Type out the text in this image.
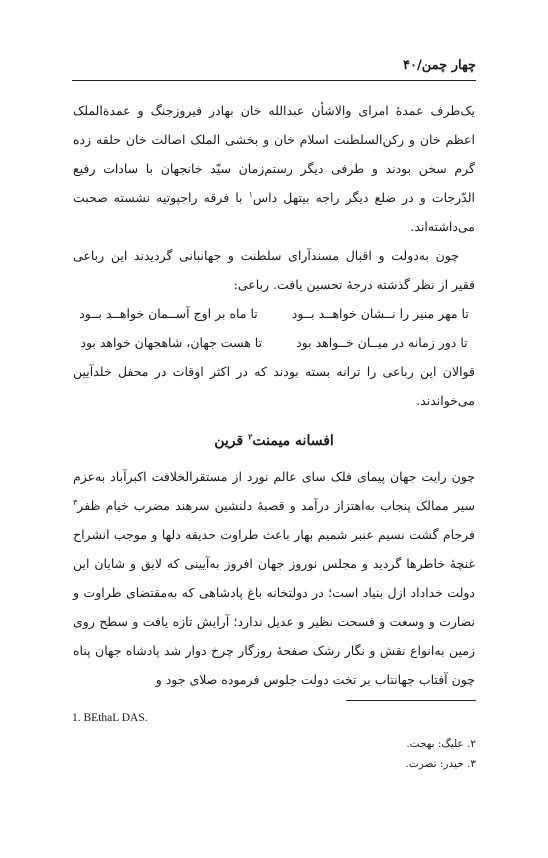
چهار چمن/۴۰

یک‌طرف عمدهٔ امرای والاشأن عبدالله خان بهادر فیروزجنگ و عمدةالملک اعظم خان و رکن‌السلطنت اسلام خان و بخشی الملک اصالت خان حلقه زده گرم سخن بودند و طرفی دیگر رستم‌زمان سیّد خانجهان با سادات رفیع الدّرجات و در ضلع دیگر راجه بیتهل داس$^۱$ با فرقه راجپوتیه نشسته صحبت می‌داشته‌اند.

چون به‌دولت و اقبال مسندآرای سلطنت و جهانبانی گردیدند این رباعی فقیر از نظر گذشته درجهٔ تحسین یافت. رباعی:

تا مهر منیر را نــشان خواهــد بــود
تا ماه بر اوج آســمان خواهــد بــود
تا دور زمانه در میــان خــواهد بود
تا هست جهان، شاهجهان خواهد بود

قوالان این رباعی را ترانه بسته بودند که در اکثر اوقات در محفل خلدآیین می‌خواندند.

افسانه میمنت$^۲$ قرین

چون رایت جهان پیمای فلک سای عالم نورد از مستقرالخلافت اکبرآباد به‌عزم سیر ممالک پنجاب به‌اهتزاز درآمد و قصبهٔ دلنشین سرهند مضرب خیام ظفر$^۳$ فرجام گشت نسیم عنبر شمیم بهار باعث طراوت حدیقه دلها و موجب انشراح غنچهٔ خاطرها گردید و مجلس نوروز جهان افروز به‌آیینی که لایق و شایان این دولت خداداد ازل بنیاد است؛ در دولتخانه باغ پادشاهی که به‌مقتضای طراوت و نضارت و وسعت و فسحت نظیر و عدیل ندارد؛ آرایش تازه یافت و سطح روی زمین به‌انواع نقش و نگار رشک صفحهٔ روزگار چرخ دوار شد پادشاه جهان پناه چون آفتاب جهانتاب بر تخت دولت جلوس فرموده صلای جود و

1. BEthaL DAS.
۲. علیگ: بهجت.
۳. حیدر: نصرت.
